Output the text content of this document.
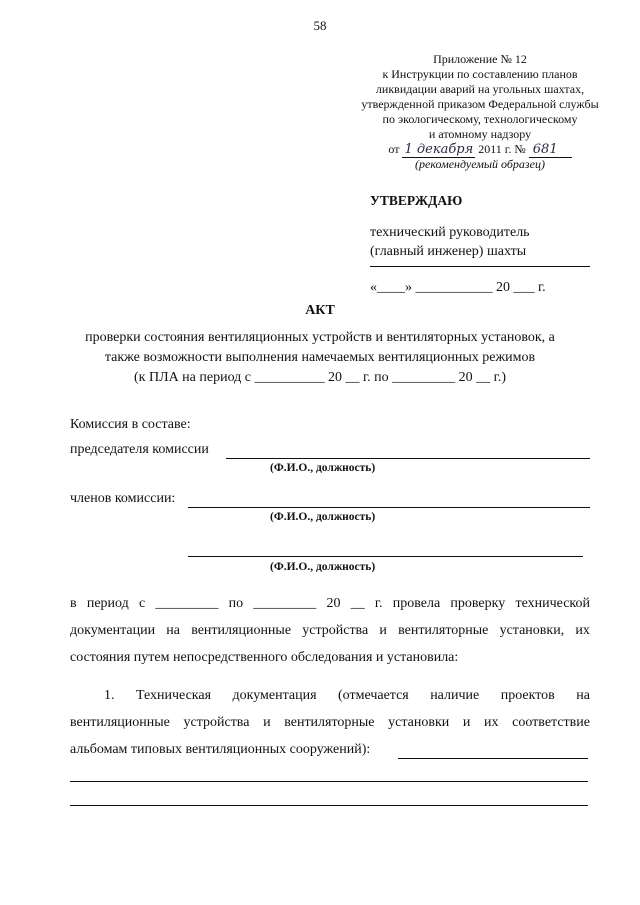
58
Приложение № 12
к Инструкции по составлению планов
ликвидации аварий на угольных шахтах,
утвержденной приказом Федеральной службы
по экологическому, технологическому
и атомному надзору
от 1 декабря 2011 г. № 681
(рекомендуемый образец)
УТВЕРЖДАЮ
технический руководитель
(главный инженер) шахты
«____» ___________ 20 ___ г.
АКТ
проверки состояния вентиляционных устройств и вентиляторных установок, а
также возможности выполнения намечаемых вентиляционных режимов
(к ПЛА на период с __________ 20 __ г. по _________ 20 __ г.)
Комиссия в составе:
председателя комиссии
(Ф.И.О., должность)
членов комиссии:
(Ф.И.О., должность)
(Ф.И.О., должность)
в период с _________ по _________ 20 __ г. провела проверку технической
документации на вентиляционные устройства и вентиляторные установки, их
состояния путем непосредственного обследования и установила:
1. Техническая документация (отмечается наличие проектов на
вентиляционные устройства и вентиляторные установки и их соответствие
альбомам типовых вентиляционных сооружений):
